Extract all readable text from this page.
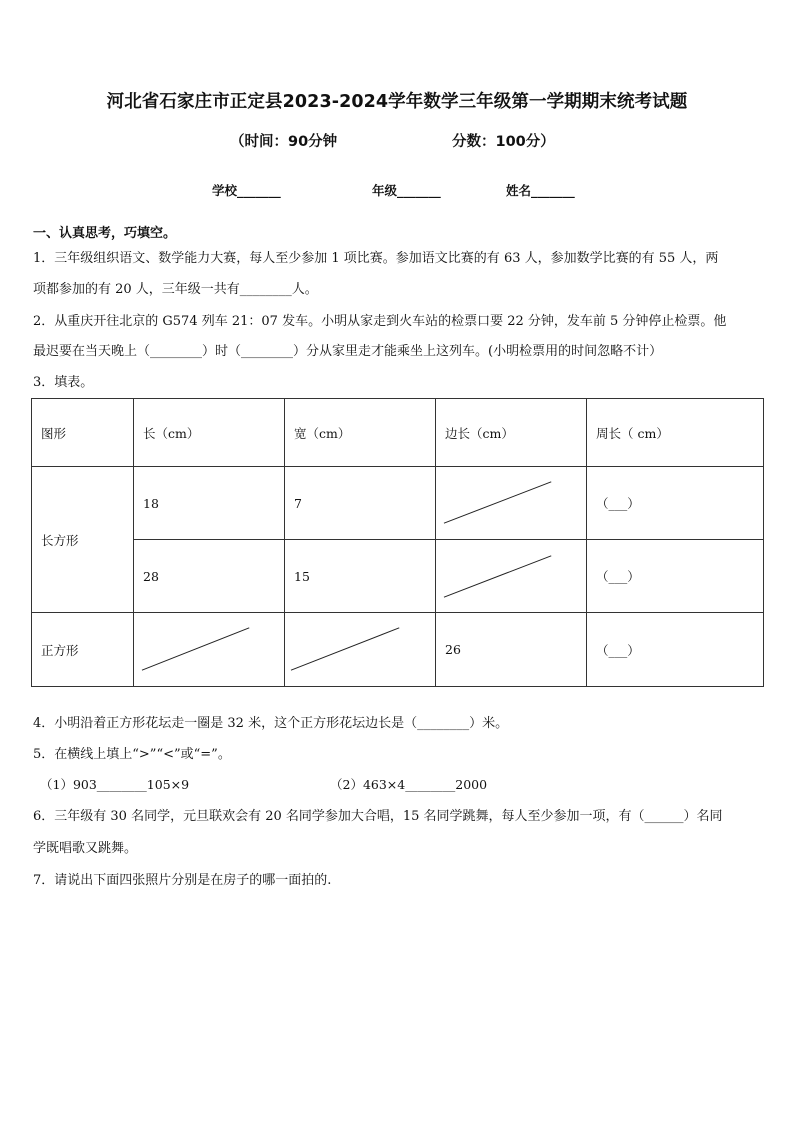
河北省石家庄市正定县2023-2024学年数学三年级第一学期期末统考试题
（时间：90分钟	分数：100分）
学校_______	年级_______	姓名_______
一、认真思考，巧填空。
1．三年级组织语文、数学能力大赛，每人至少参加 1 项比赛。参加语文比赛的有 63 人，参加数学比赛的有 55 人，两
项都参加的有 20 人，三年级一共有________人。
2．从重庆开往北京的 G574 列车 21：07 发车。小明从家走到火车站的检票口要 22 分钟，发车前 5 分钟停止检票。他
最迟要在当天晚上（________）时（________）分从家里走才能乘坐上这列车。(小明检票用的时间忽略不计）
3．填表。
图形	长（cm）	宽（cm）	边长（cm）	周长（ cm）
长方形	18	7		（___）
	28	15		（___）
正方形			26	（___）
4．小明沿着正方形花坛走一圈是 32 米，这个正方形花坛边长是（________）米。
5．在横线上填上“>”“<”或“=”。
（1）903________105×9	（2）463×4________2000
6．三年级有 30 名同学，元旦联欢会有 20 名同学参加大合唱，15 名同学跳舞，每人至少参加一项，有（______）名同
学既唱歌又跳舞。
7．请说出下面四张照片分别是在房子的哪一面拍的.
